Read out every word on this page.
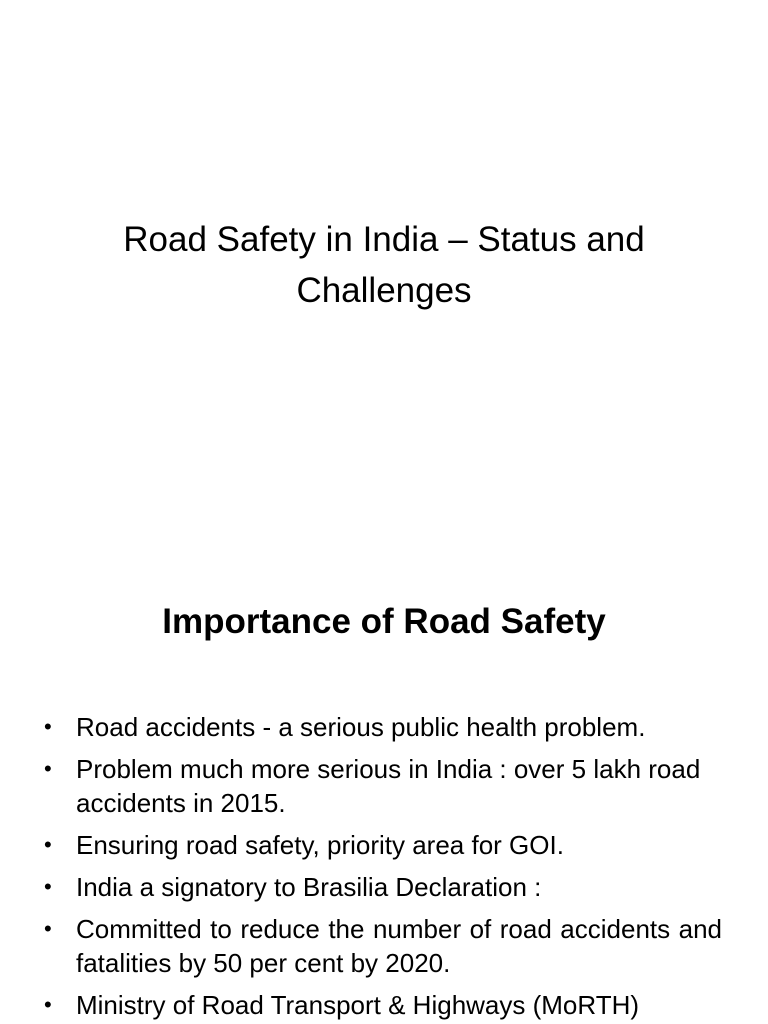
Road Safety in India – Status and Challenges
Importance of Road Safety
• Road accidents - a serious public health problem.
• Problem much more serious in India : over 5 lakh road accidents in 2015.
• Ensuring road safety, priority area for GOI.
• India a signatory to Brasilia Declaration :
• Committed to reduce the number of road accidents and fatalities by 50 per cent by 2020.
• Ministry of Road Transport & Highways (MoRTH)
